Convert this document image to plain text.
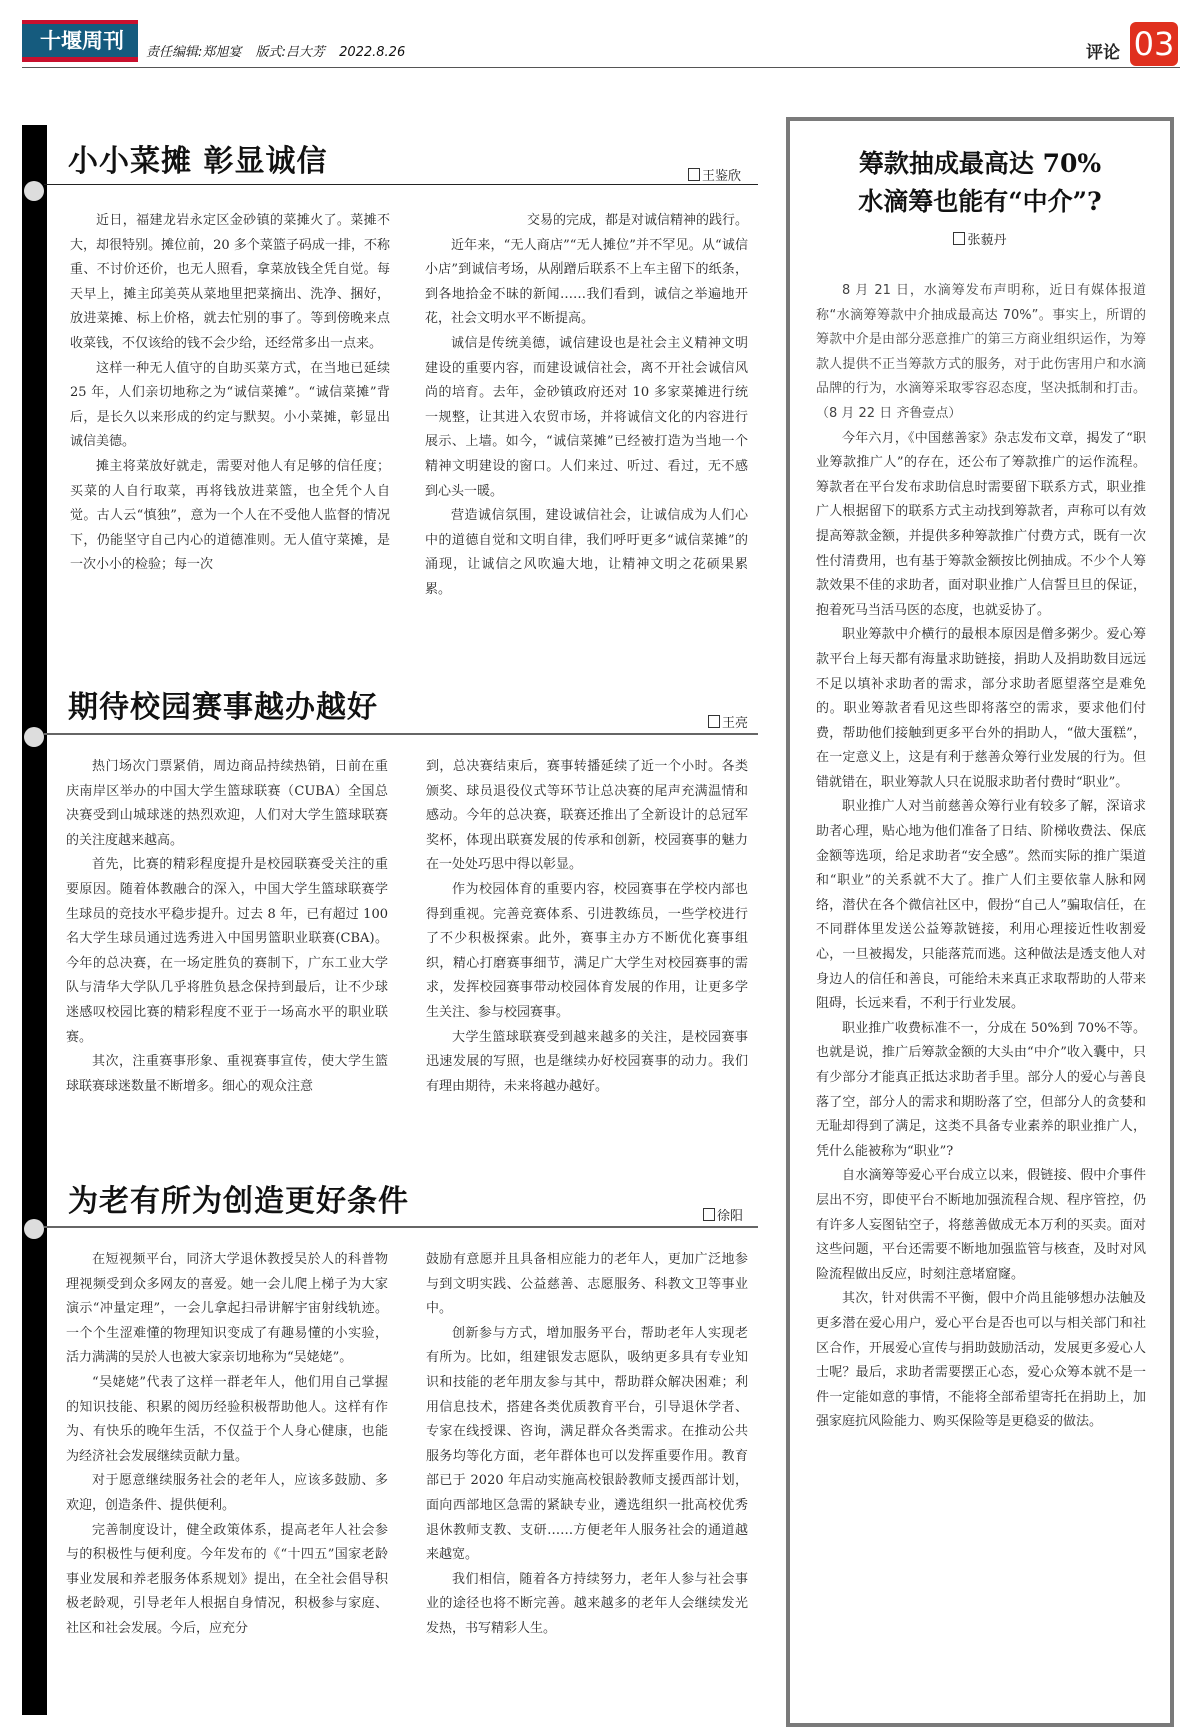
十堰周刊	责任编辑:郑旭宴 版式:吕大芳 2022.8.26	评论 03
小小菜摊 彰显诚信	王鉴欣

近日，福建龙岩永定区金砂镇的菜摊火了。菜摊不大，却很特别。摊位前，20 多个菜篮子码成一排，不称重、不讨价还价，也无人照看，拿菜放钱全凭自觉。每天早上，摊主邱美英从菜地里把菜摘出、洗净、捆好，放进菜摊、标上价格，就去忙别的事了。等到傍晚来点收菜钱，不仅该给的钱不会少给，还经常多出一点来。

这样一种无人值守的自助买菜方式，在当地已延续 25 年，人们亲切地称之为“诚信菜摊”。“诚信菜摊”背后，是长久以来形成的约定与默契。小小菜摊，彰显出诚信美德。

摊主将菜放好就走，需要对他人有足够的信任度；买菜的人自行取菜，再将钱放进菜篮，也全凭个人自觉。古人云“慎独”，意为一个人在不受他人监督的情况下，仍能坚守自己内心的道德准则。无人值守菜摊，是一次小小的检验；每一次

交易的完成，都是对诚信精神的践行。

近年来，“无人商店”“无人摊位”并不罕见。从“诚信小店”到诚信考场，从剐蹭后联系不上车主留下的纸条，到各地拾金不昧的新闻……我们看到，诚信之举遍地开花，社会文明水平不断提高。

诚信是传统美德，诚信建设也是社会主义精神文明建设的重要内容，而建设诚信社会，离不开社会诚信风尚的培育。去年，金砂镇政府还对 10 多家菜摊进行统一规整，让其进入农贸市场，并将诚信文化的内容进行展示、上墙。如今，“诚信菜摊”已经被打造为当地一个精神文明建设的窗口。人们来过、听过、看过，无不感到心头一暖。

营造诚信氛围，建设诚信社会，让诚信成为人们心中的道德自觉和文明自律，我们呼吁更多“诚信菜摊”的涌现，让诚信之风吹遍大地，让精神文明之花硕果累累。

期待校园赛事越办越好	王亮

热门场次门票紧俏，周边商品持续热销，日前在重庆南岸区举办的中国大学生篮球联赛（CUBA）全国总决赛受到山城球迷的热烈欢迎，人们对大学生篮球联赛的关注度越来越高。

首先，比赛的精彩程度提升是校园联赛受关注的重要原因。随着体教融合的深入，中国大学生篮球联赛学生球员的竞技水平稳步提升。过去 8 年，已有超过 100 名大学生球员通过选秀进入中国男篮职业联赛(CBA)。今年的总决赛，在一场定胜负的赛制下，广东工业大学队与清华大学队几乎将胜负悬念保持到最后，让不少球迷感叹校园比赛的精彩程度不亚于一场高水平的职业联赛。

其次，注重赛事形象、重视赛事宣传，使大学生篮球联赛球迷数量不断增多。细心的观众注意

到，总决赛结束后，赛事转播延续了近一个小时。各类颁奖、球员退役仪式等环节让总决赛的尾声充满温情和感动。今年的总决赛，联赛还推出了全新设计的总冠军奖杯，体现出联赛发展的传承和创新，校园赛事的魅力在一处处巧思中得以彰显。

作为校园体育的重要内容，校园赛事在学校内部也得到重视。完善竞赛体系、引进教练员，一些学校进行了不少积极探索。此外，赛事主办方不断优化赛事组织，精心打磨赛事细节，满足广大学生对校园赛事的需求，发挥校园赛事带动校园体育发展的作用，让更多学生关注、参与校园赛事。

大学生篮球联赛受到越来越多的关注，是校园赛事迅速发展的写照，也是继续办好校园赛事的动力。我们有理由期待，未来将越办越好。

为老有所为创造更好条件	徐阳

在短视频平台，同济大学退休教授吴於人的科普物理视频受到众多网友的喜爱。她一会儿爬上梯子为大家演示“冲量定理”，一会儿拿起扫帚讲解宇宙射线轨迹。一个个生涩难懂的物理知识变成了有趣易懂的小实验，活力满满的吴於人也被大家亲切地称为“吴姥姥”。

“吴姥姥”代表了这样一群老年人，他们用自己掌握的知识技能、积累的阅历经验积极帮助他人。这样有作为、有快乐的晚年生活，不仅益于个人身心健康，也能为经济社会发展继续贡献力量。

对于愿意继续服务社会的老年人，应该多鼓励、多欢迎，创造条件、提供便利。

完善制度设计，健全政策体系，提高老年人社会参与的积极性与便利度。今年发布的《“十四五”国家老龄事业发展和养老服务体系规划》提出，在全社会倡导积极老龄观，引导老年人根据自身情况，积极参与家庭、社区和社会发展。今后，应充分

鼓励有意愿并且具备相应能力的老年人，更加广泛地参与到文明实践、公益慈善、志愿服务、科教文卫等事业中。

创新参与方式，增加服务平台，帮助老年人实现老有所为。比如，组建银发志愿队，吸纳更多具有专业知识和技能的老年朋友参与其中，帮助群众解决困难；利用信息技术，搭建各类优质教育平台，引导退休学者、专家在线授课、咨询，满足群众各类需求。在推动公共服务均等化方面，老年群体也可以发挥重要作用。教育部已于 2020 年启动实施高校银龄教师支援西部计划，面向西部地区急需的紧缺专业，遴选组织一批高校优秀退休教师支教、支研……方便老年人服务社会的通道越来越宽。

我们相信，随着各方持续努力，老年人参与社会事业的途径也将不断完善。越来越多的老年人会继续发光发热，书写精彩人生。

筹款抽成最高达 70%
水滴筹也能有“中介”?
张藐丹

8 月 21 日，水滴筹发布声明称，近日有媒体报道称“水滴筹筹款中介抽成最高达 70%”。事实上，所谓的筹款中介是由部分恶意推广的第三方商业组织运作，为筹款人提供不正当筹款方式的服务，对于此伤害用户和水滴品牌的行为，水滴筹采取零容忍态度，坚决抵制和打击。（8 月 22 日 齐鲁壹点）

今年六月，《中国慈善家》杂志发布文章，揭发了“职业筹款推广人”的存在，还公布了筹款推广的运作流程。筹款者在平台发布求助信息时需要留下联系方式，职业推广人根据留下的联系方式主动找到筹款者，声称可以有效提高筹款金额，并提供多种筹款推广付费方式，既有一次性付清费用，也有基于筹款金额按比例抽成。不少个人筹款效果不佳的求助者，面对职业推广人信誓旦旦的保证，抱着死马当活马医的态度，也就妥协了。

职业筹款中介横行的最根本原因是僧多粥少。爱心筹款平台上每天都有海量求助链接，捐助人及捐助数目远远不足以填补求助者的需求，部分求助者愿望落空是难免的。职业筹款者看见这些即将落空的需求，要求他们付费，帮助他们接触到更多平台外的捐助人，“做大蛋糕”，在一定意义上，这是有利于慈善众筹行业发展的行为。但错就错在，职业筹款人只在说服求助者付费时“职业”。

职业推广人对当前慈善众筹行业有较多了解，深谙求助者心理，贴心地为他们准备了日结、阶梯收费法、保底金额等选项，给足求助者“安全感”。然而实际的推广渠道和“职业”的关系就不大了。推广人们主要依靠人脉和网络，潜伏在各个微信社区中，假扮“自己人”骗取信任，在不同群体里发送公益筹款链接，利用心理接近性收割爱心，一旦被揭发，只能落荒而逃。这种做法是透支他人对身边人的信任和善良，可能给未来真正求取帮助的人带来阻碍，长远来看，不利于行业发展。

职业推广收费标准不一，分成在 50%到 70%不等。也就是说，推广后筹款金额的大头由“中介”收入囊中，只有少部分才能真正抵达求助者手里。部分人的爱心与善良落了空，部分人的需求和期盼落了空，但部分人的贪婪和无耻却得到了满足，这类不具备专业素养的职业推广人，凭什么能被称为“职业”?

自水滴筹等爱心平台成立以来，假链接、假中介事件层出不穷，即使平台不断地加强流程合规、程序管控，仍有许多人妄图钻空子，将慈善做成无本万利的买卖。面对这些问题，平台还需要不断地加强监管与核查，及时对风险流程做出反应，时刻注意堵窟窿。

其次，针对供需不平衡，假中介尚且能够想办法触及更多潜在爱心用户，爱心平台是否也可以与相关部门和社区合作，开展爱心宣传与捐助鼓励活动，发展更多爱心人士呢？最后，求助者需要摆正心态，爱心众筹本就不是一件一定能如意的事情，不能将全部希望寄托在捐助上，加强家庭抗风险能力、购买保险等是更稳妥的做法。
